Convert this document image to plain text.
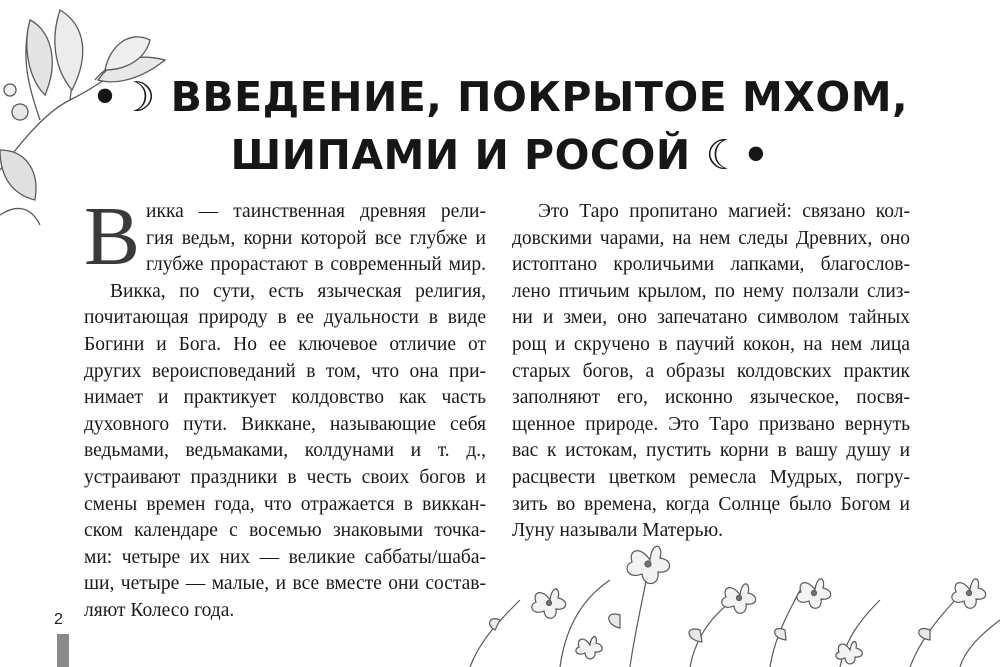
•☽ ВВЕДЕНИЕ, ПОКРЫТОЕ МХОМ,
ШИПАМИ И РОСОЙ ☾•
В икка — таинственная древняя рели-
гия ведьм, корни которой все глубже и
глубже прорастают в современный мир.
Викка, по сути, есть языческая религия,
почитающая природу в ее дуальности в виде
Богини и Бога. Но ее ключевое отличие от
других вероисповеданий в том, что она при-
нимает и практикует колдовство как часть
духовного пути. Виккане, называющие себя
ведьмами, ведьмаками, колдунами и т. д.,
устраивают праздники в честь своих богов и
смены времен года, что отражается в виккан-
ском календаре с восемью знаковыми точка-
ми: четыре их них — великие саббаты/шаба-
ши, четыре — малые, и все вместе они состав-
ляют Колесо года.
Это Таро пропитано магией: связано кол-
довскими чарами, на нем следы Древних, оно
истоптано кроличьими лапками, благослов-
лено птичьим крылом, по нему ползали слиз-
ни и змеи, оно запечатано символом тайных
рощ и скручено в паучий кокон, на нем лица
старых богов, а образы колдовских практик
заполняют его, исконно языческое, посвя-
щенное природе. Это Таро призвано вернуть
вас к истокам, пустить корни в вашу душу и
расцвести цветком ремесла Мудрых, погру-
зить во времена, когда Солнце было Богом и
Луну называли Матерью.
2
